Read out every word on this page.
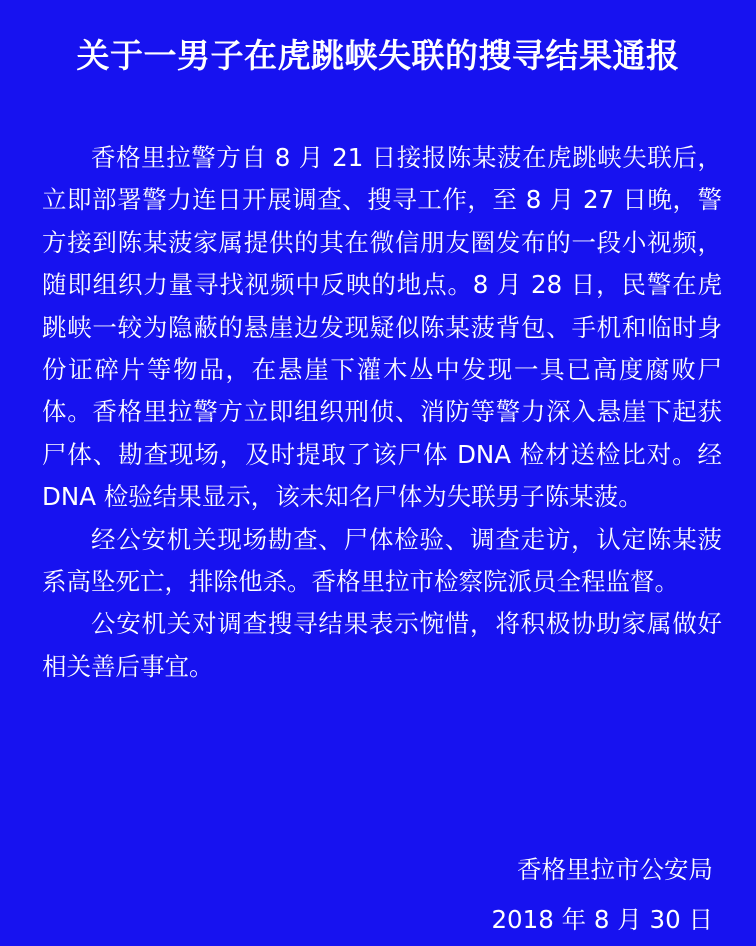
关于一男子在虎跳峡失联的搜寻结果通报

香格里拉警方自 8 月 21 日接报陈某菠在虎跳峡失联后，立即部署警力连日开展调查、搜寻工作，至 8 月 27 日晚，警方接到陈某菠家属提供的其在微信朋友圈发布的一段小视频，随即组织力量寻找视频中反映的地点。8 月 28 日，民警在虎跳峡一较为隐蔽的悬崖边发现疑似陈某菠背包、手机和临时身份证碎片等物品，在悬崖下灌木丛中发现一具已高度腐败尸体。香格里拉警方立即组织刑侦、消防等警力深入悬崖下起获尸体、勘查现场，及时提取了该尸体 DNA 检材送检比对。经 DNA 检验结果显示，该未知名尸体为失联男子陈某菠。

经公安机关现场勘查、尸体检验、调查走访，认定陈某菠系高坠死亡，排除他杀。香格里拉市检察院派员全程监督。

公安机关对调查搜寻结果表示惋惜，将积极协助家属做好相关善后事宜。

香格里拉市公安局
2018 年 8 月 30 日
